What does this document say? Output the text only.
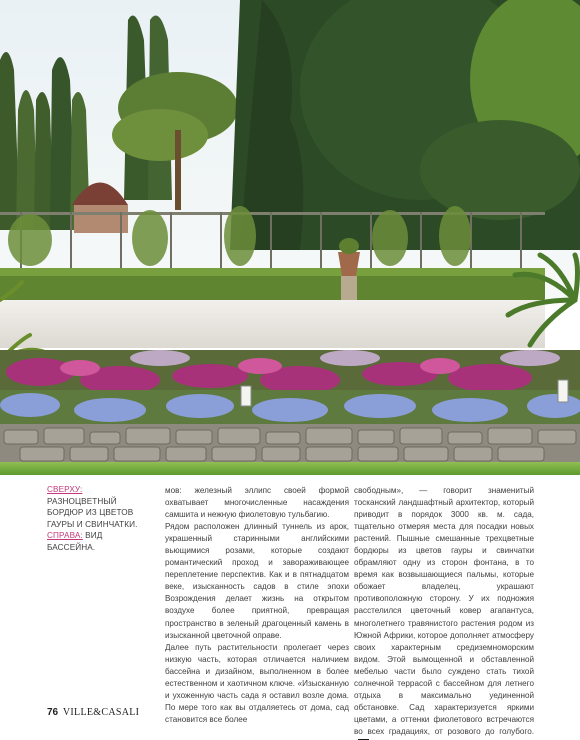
СВЕРХУ: РАЗНОЦВЕТНЫЙ БОРДЮР ИЗ ЦВЕТОВ ГАУРЫ И СВИНЧАТКИ. СПРАВА: ВИД БАССЕЙНА.

мов: железный эллипс своей формой охватывает многочисленные насаждения самшита и нежную фиолетовую тульбагию.

Рядом расположен длинный туннель из арок, украшенный старинными английскими вьющимися розами, которые создают романтический проход и завораживающее переплетение перспектив. Как и в пятнадцатом веке, изысканность садов в стиле эпохи Возрождения делает жизнь на открытом воздухе более приятной, превращая пространство в зеленый драгоценный камень в изысканной цветочной оправе.

Далее путь растительности пролегает через низкую часть, которая отличается наличием бассейна и дизайном, выполненном в более естественном и хаотичном ключе. «Изысканную и ухоженную часть сада я оставил возле дома. По мере того как вы отдаляетесь от дома, сад становится все более

свободным», — говорит знаменитый тосканский ландшафтный архитектор, который приводит в порядок 3000 кв. м. сада, тщательно отмеряя места для посадки новых растений. Пышные смешанные трехцветные бордюры из цветов гауры и свинчатки обрамляют одну из сторон фонтана, в то время как возвышающиеся пальмы, которые обожает владелец, украшают противоположную сторону. У их подножия расстелился цветочный ковер агапантуса, многолетнего травянистого растения родом из Южной Африки, которое дополняет атмосферу своих характерным средиземноморским видом. Этой вымощенной и обставленной мебелью части было суждено стать тихой солнечной террасой с бассейном для летнего отдыха в максимально уединенной обстановке. Сад характеризуется яркими цветами, а оттенки фиолетового встречаются во всех градациях, от розового до голубого.

76 VILLE&CASALI
